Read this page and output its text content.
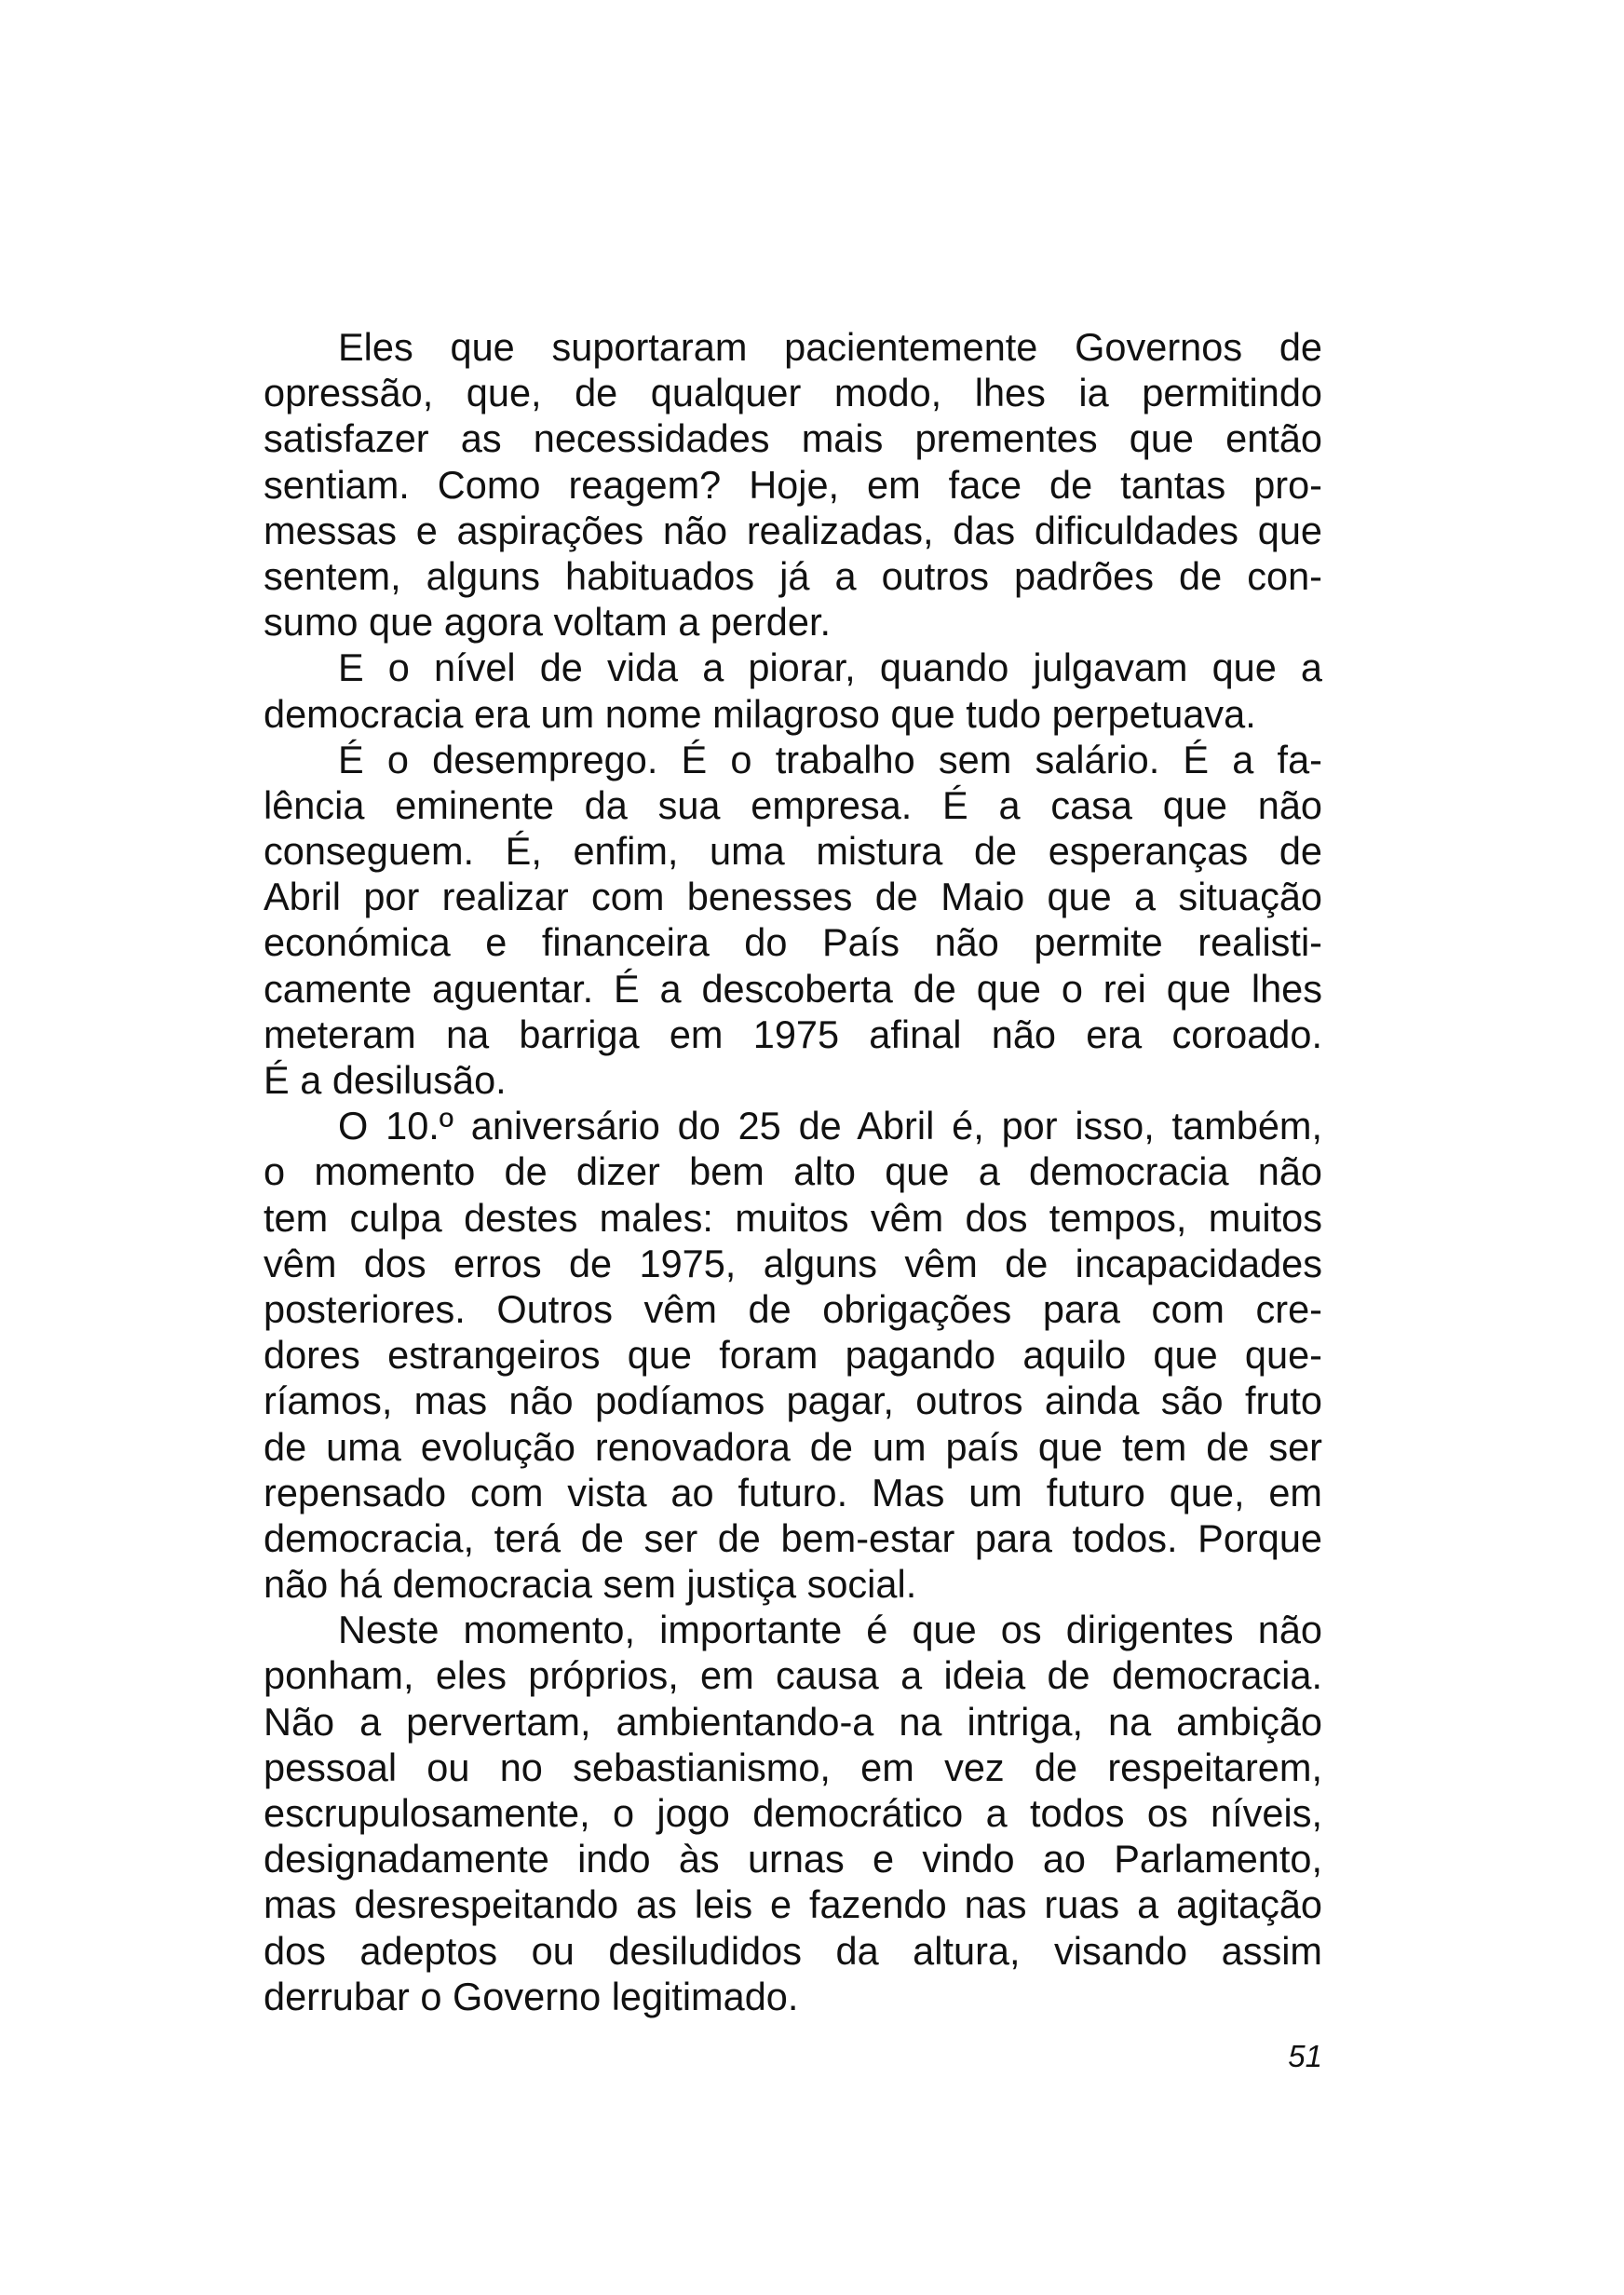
Eles que suportaram pacientemente Governos de
opressão, que, de qualquer modo, lhes ia permitindo
satisfazer as necessidades mais prementes que então
sentiam. Como reagem? Hoje, em face de tantas pro-
messas e aspirações não realizadas, das dificuldades que
sentem, alguns habituados já a outros padrões de con-
sumo que agora voltam a perder.
E o nível de vida a piorar, quando julgavam que a
democracia era um nome milagroso que tudo perpetuava.
É o desemprego. É o trabalho sem salário. É a fa-
lência eminente da sua empresa. É a casa que não
conseguem. É, enfim, uma mistura de esperanças de
Abril por realizar com benesses de Maio que a situação
económica e financeira do País não permite realisti-
camente aguentar. É a descoberta de que o rei que lhes
meteram na barriga em 1975 afinal não era coroado.
É a desilusão.
O 10.º aniversário do 25 de Abril é, por isso, também,
o momento de dizer bem alto que a democracia não
tem culpa destes males: muitos vêm dos tempos, muitos
vêm dos erros de 1975, alguns vêm de incapacidades
posteriores. Outros vêm de obrigações para com cre-
dores estrangeiros que foram pagando aquilo que que-
ríamos, mas não podíamos pagar, outros ainda são fruto
de uma evolução renovadora de um país que tem de ser
repensado com vista ao futuro. Mas um futuro que, em
democracia, terá de ser de bem-estar para todos. Porque
não há democracia sem justiça social.
Neste momento, importante é que os dirigentes não
ponham, eles próprios, em causa a ideia de democracia.
Não a pervertam, ambientando-a na intriga, na ambição
pessoal ou no sebastianismo, em vez de respeitarem,
escrupulosamente, o jogo democrático a todos os níveis,
designadamente indo às urnas e vindo ao Parlamento,
mas desrespeitando as leis e fazendo nas ruas a agitação
dos adeptos ou desiludidos da altura, visando assim
derrubar o Governo legitimado.
51
